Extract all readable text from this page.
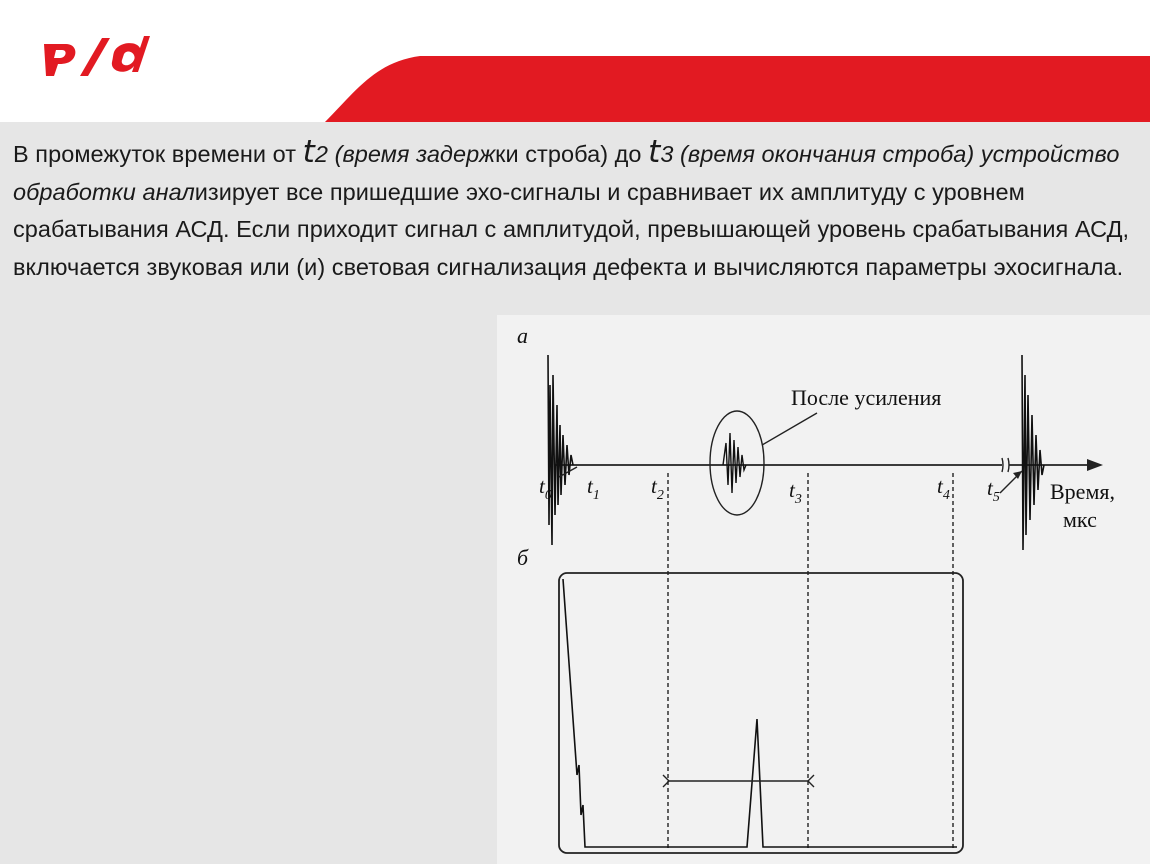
В промежуток времени от t2 (время задержки строба) до t3 (время окончания строба) устройство обработки анализирует все пришедшие эхо-сигналы и сравнивает их амплитуду с уровнем срабатывания АСД. Если приходит сигнал с амплитудой, превышающей уровень срабатывания АСД, включается звуковая или (и) световая сигнализация дефекта и вычисляются параметры эхосигнала.
а
После усиления
$t_0$ $t_1$ $t_2$	$t_3$
$t_4$ $t_5$ Время,
мкс
б
